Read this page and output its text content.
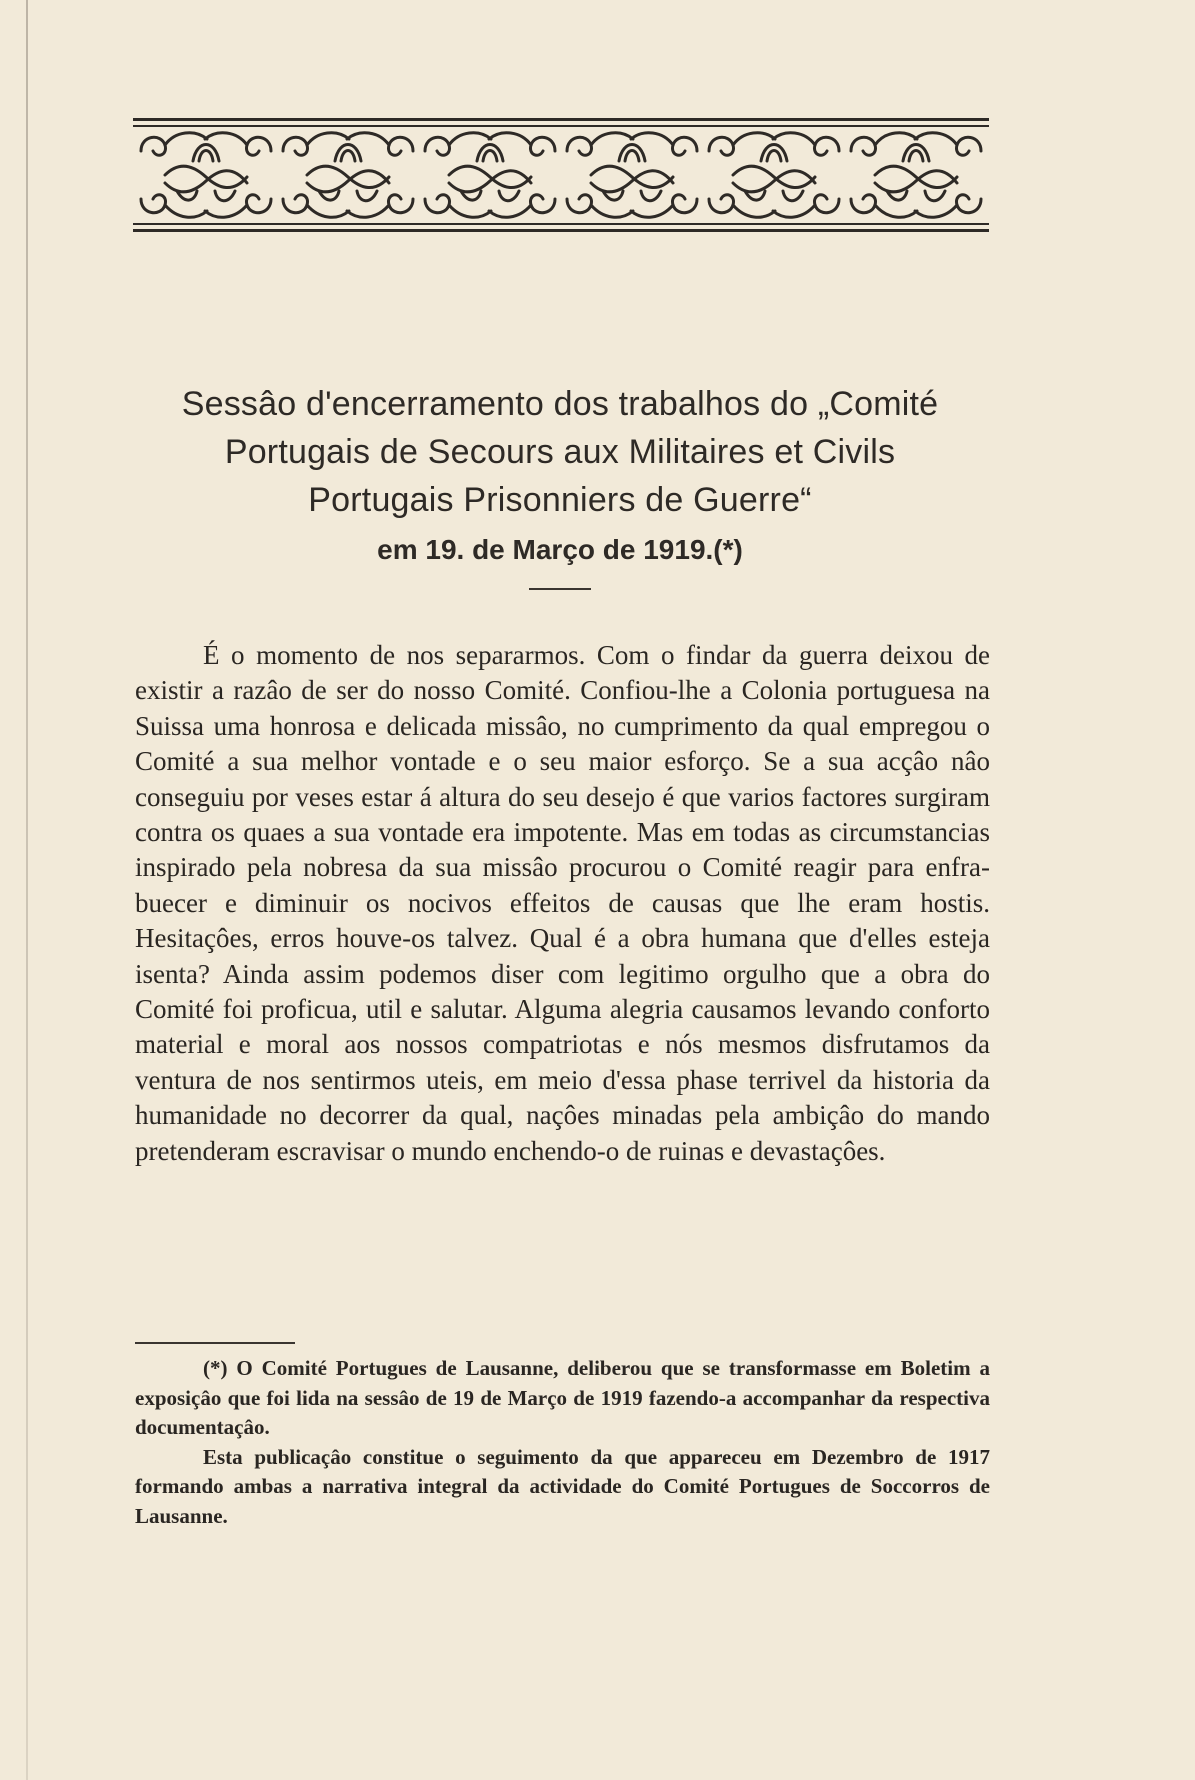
Sessâo d'encerramento dos trabalhos do „Comité
Portugais de Secours aux Militaires et Civils
Portugais Prisonniers de Guerre“
em 19. de Março de 1919.(*)

É o momento de nos separarmos. Com o findar da guerra deixou de existir a razâo de ser do nosso Comité. Confiou-lhe a Colonia portuguesa na Suissa uma honrosa e delicada missâo, no cumprimento da qual empregou o Comité a sua melhor vontade e o seu maior esforço. Se a sua acçâo nâo conseguiu por veses estar á altura do seu desejo é que varios factores surgiram contra os quaes a sua vontade era impotente. Mas em todas as circumstancias inspirado pela nobresa da sua missâo procurou o Comité reagir para enfrabuecer e diminuir os nocivos effeitos de causas que lhe eram hostis. Hesitaçôes, erros houve-os talvez. Qual é a obra humana que d'elles esteja isenta? Ainda assim podemos diser com legitimo orgulho que a obra do Comité foi proficua, util e salutar. Alguma alegria causamos levando conforto material e moral aos nossos compatriotas e nós mesmos disfrutamos da ventura de nos sentirmos uteis, em meio d'essa phase terrivel da historia da humanidade no decorrer da qual, naçôes minadas pela ambiçâo do mando pretenderam escravisar o mundo enchendo-o de ruinas e devastaçôes.

(*) O Comité Portugues de Lausanne, deliberou que se transformasse em Boletim a exposiçâo que foi lida na sessâo de 19 de Março de 1919 fazendo-a accompanhar da respectiva documentaçâo.

Esta publicaçâo constitue o seguimento da que appareceu em Dezembro de 1917 formando ambas a narrativa integral da actividade do Comité Portugues de Soccorros de Lausanne.
